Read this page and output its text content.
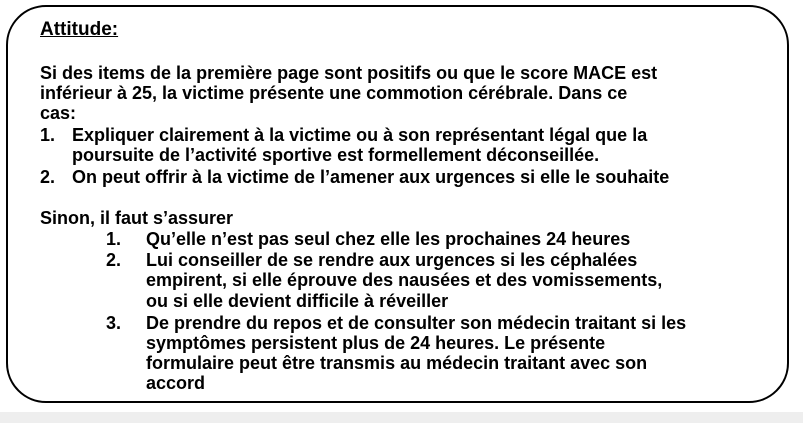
Attitude:
Si des items de la première page sont positifs ou que le score MACE est
inférieur à 25, la victime présente une commotion cérébrale. Dans ce
cas:
1. Expliquer clairement à la victime ou à son représentant légal que la
poursuite de l’activité sportive est formellement déconseillée.
2. On peut offrir à la victime de l’amener aux urgences si elle le souhaite
Sinon, il faut s’assurer
1. Qu’elle n’est pas seul chez elle les prochaines 24 heures
2. Lui conseiller de se rendre aux urgences si les céphalées
empirent, si elle éprouve des nausées et des vomissements,
ou si elle devient difficile à réveiller
3. De prendre du repos et de consulter son médecin traitant si les
symptômes persistent plus de 24 heures. Le présente
formulaire peut être transmis au médecin traitant avec son
accord
